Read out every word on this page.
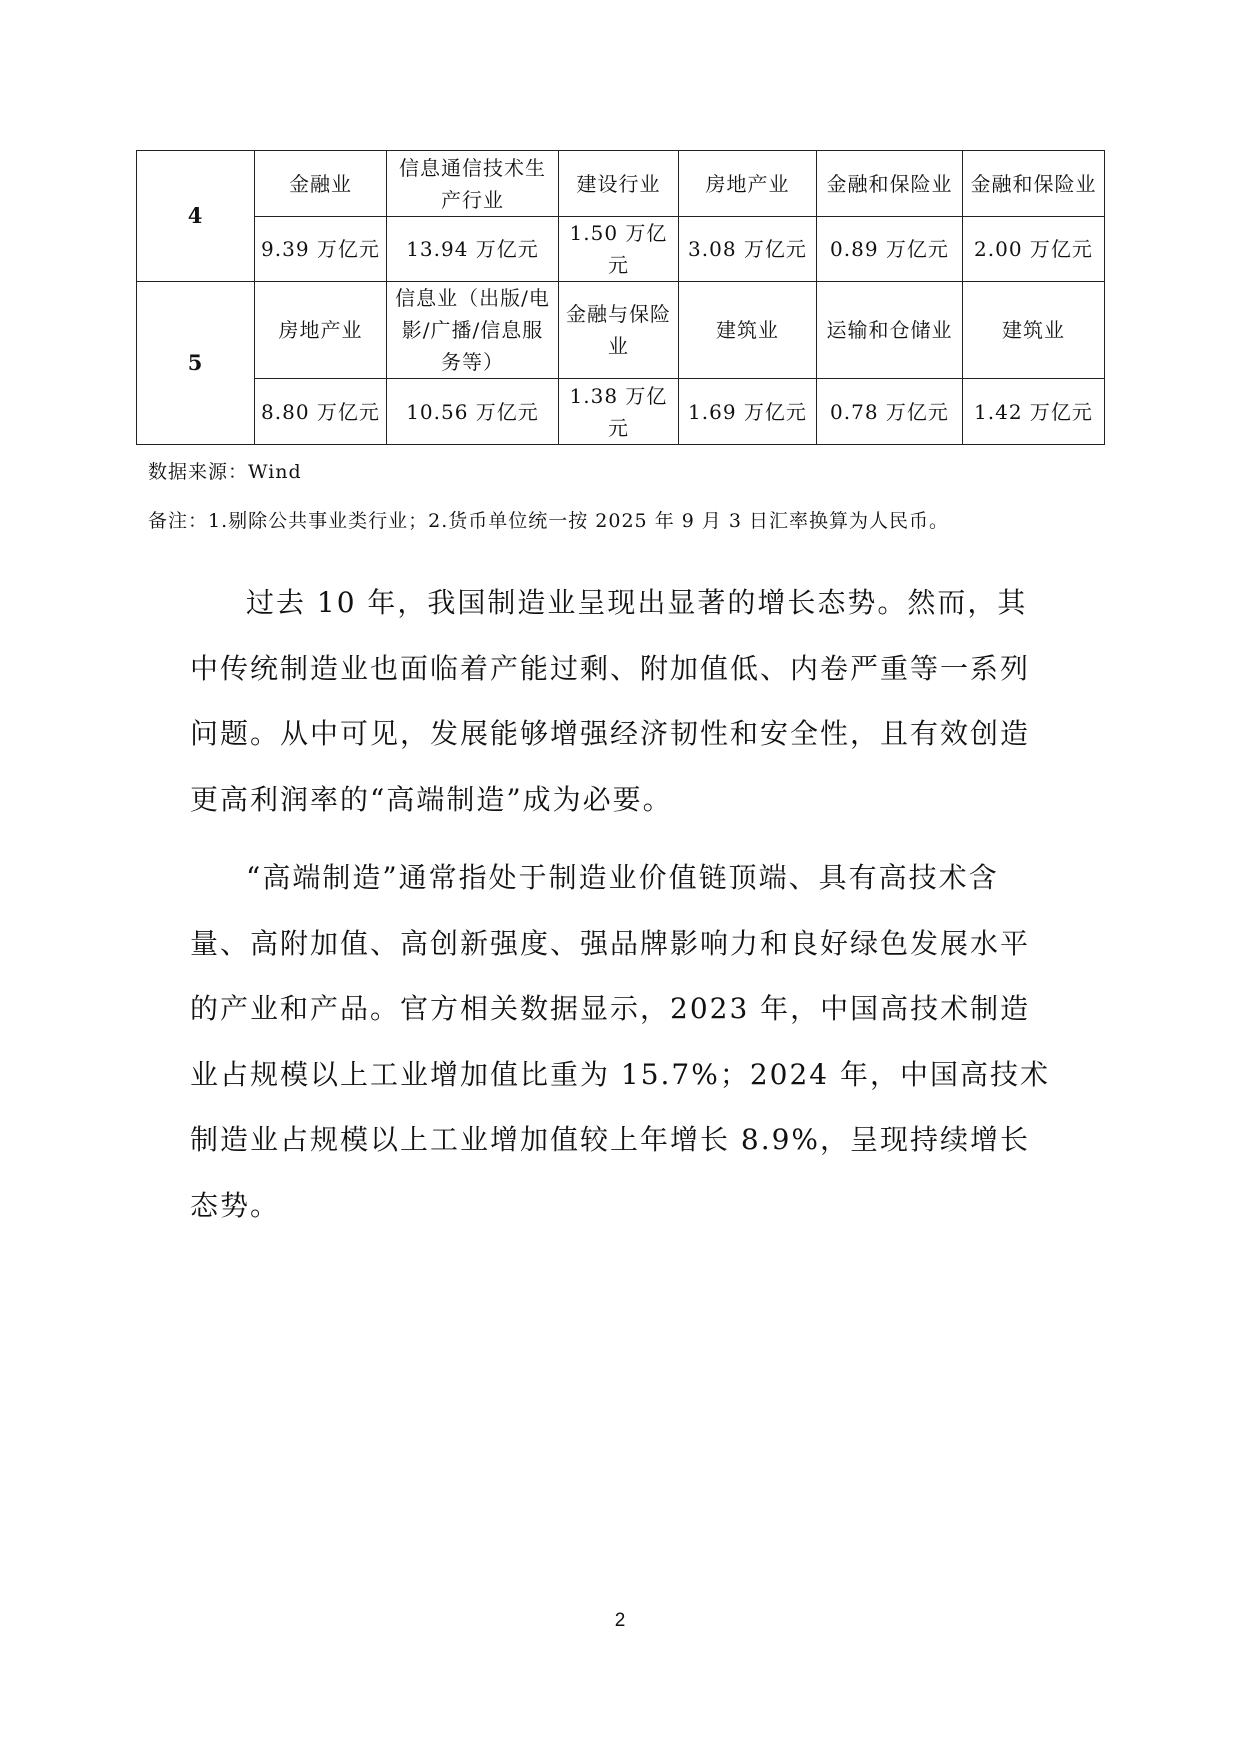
4	金融业	信息通信技术生产行业	建设行业	房地产业	金融和保险业	金融和保险业
	9.39 万亿元	13.94 万亿元	1.50 万亿元	3.08 万亿元	0.89 万亿元	2.00 万亿元
5	房地产业	信息业（出版/电影/广播/信息服务等）	金融与保险业	建筑业	运输和仓储业	建筑业
	8.80 万亿元	10.56 万亿元	1.38 万亿元	1.69 万亿元	0.78 万亿元	1.42 万亿元
数据来源：Wind
备注：1.剔除公共事业类行业；2.货币单位统一按 2025 年 9 月 3 日汇率换算为人民币。

过去 10 年，我国制造业呈现出显著的增长态势。然而，其中传统制造业也面临着产能过剩、附加值低、内卷严重等一系列问题。从中可见，发展能够增强经济韧性和安全性，且有效创造更高利润率的“高端制造”成为必要。

“高端制造”通常指处于制造业价值链顶端、具有高技术含量、高附加值、高创新强度、强品牌影响力和良好绿色发展水平的产业和产品。官方相关数据显示，2023 年，中国高技术制造业占规模以上工业增加值比重为 15.7%；2024 年，中国高技术制造业占规模以上工业增加值较上年增长 8.9%，呈现持续增长态势。

2
